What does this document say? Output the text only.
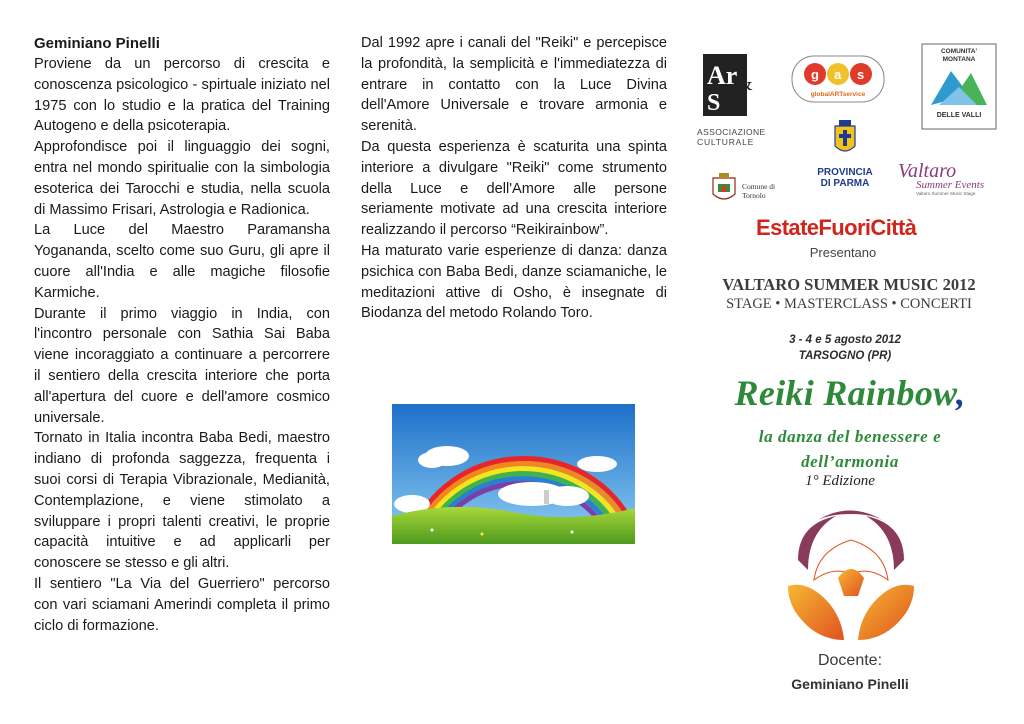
Geminiano Pinelli

Proviene da un percorso di crescita e conoscenza psicologico - spirtuale iniziato nel 1975 con lo studio e la pratica del Training Autogeno e della psicoterapia.

Approfondisce poi il linguaggio dei sogni, entra nel mondo spiritualie con la simbologia esoterica dei Tarocchi e studia, nella scuola di Massimo Frisari, Astrologia e Radionica.

La Luce del Maestro Paramansha Yogananda, scelto come suo Guru, gli apre il cuore all'India e alle magiche filosofie Karmiche.

Durante il primo viaggio in India, con l'incontro personale con Sathia Sai Baba viene incoraggiato a continuare a percorrere il sentiero della crescita interiore che porta all'apertura del cuore e dell'amore cosmico universale.

Tornato in Italia incontra Baba Bedi, maestro indiano di profonda saggezza, frequenta i suoi corsi di Terapia Vibrazionale, Medianità, Contemplazione, e viene stimolato a sviluppare i propri talenti creativi, le proprie capacità intuitive e ad applicarli per conoscere se stesso e gli altri.

Il sentiero "La Via del Guerriero" percorso con vari sciamani Amerindi completa il primo ciclo di formazione.

Dal 1992 apre i canali del "Reiki" e percepisce la profondità, la semplicità e l'immediatezza di entrare in contatto con la Luce Divina dell'Amore Universale e trovare armonia e serenità.

Da questa esperienza è scaturita una spinta interiore a divulgare "Reiki" come strumento della Luce e dell'Amore alle persone seriamente motivate ad una crescita interiore realizzando il percorso “Reikirainbow”.

Ha maturato varie esperienze di danza: danza psichica con Baba Bedi, danze sciamaniche, le meditazioni attive di Osho, è insegnate di Biodanza del metodo Rolando Toro.

Ar
S
&
ASSOCIAZIONE
CULTURALE
g a s
globalARTservice
COMUNITA'
MONTANA
DELLE VALLI
PROVINCIA
DI PARMA
Comune di
Tornolo
Valtaro
Summer Events
Valtaro Summer Music Stage
EstateFuoriCittà
Presentano
VALTARO SUMMER MUSIC 2012
STAGE • MASTERCLASS • CONCERTI
3 - 4 e 5 agosto 2012
TARSOGNO (PR)
Reiki Rainbow,
la danza del benessere e
dell’armonia
1° Edizione
Docente:
Geminiano Pinelli
